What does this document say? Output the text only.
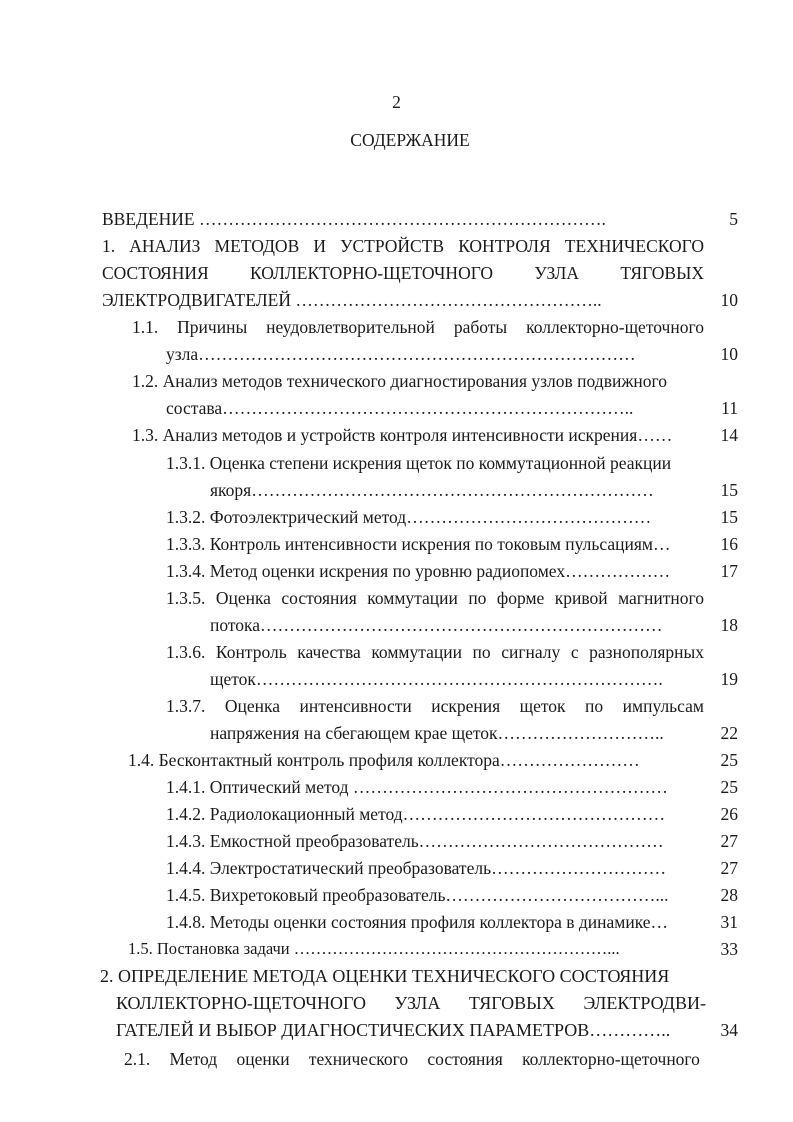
2
СОДЕРЖАНИЕ
ВВЕДЕНИЕ …………………………………………………………….	5
1. АНАЛИЗ МЕТОДОВ И УСТРОЙСТВ КОНТРОЛЯ ТЕХНИЧЕСКОГО
СОСТОЯНИЯ КОЛЛЕКТОРНО-ЩЕТОЧНОГО УЗЛА ТЯГОВЫХ
ЭЛЕКТРОДВИГАТЕЛЕЙ ……………………………………………..	10
1.1. Причины неудовлетворительной работы коллекторно-щеточного
узла…………………………………………………………………	10
1.2. Анализ методов технического диагностирования узлов подвижного
состава……………………………………………………………..	11
1.3. Анализ методов и устройств контроля интенсивности искрения……	14
1.3.1. Оценка степени искрения щеток по коммутационной реакции
якоря……………………………………………………………	15
1.3.2. Фотоэлектрический метод……………………………………	15
1.3.3. Контроль интенсивности искрения по токовым пульсациям…	16
1.3.4. Метод оценки искрения по уровню радиопомех………………	17
1.3.5. Оценка состояния коммутации по форме кривой магнитного
потока……………………………………………………………	18
1.3.6. Контроль качества коммутации по сигналу с разнополярных
щеток…………………………………………………………….	19
1.3.7. Оценка интенсивности искрения щеток по импульсам
напряжения на сбегающем крае щеток………………………..	22
1.4. Бесконтактный контроль профиля коллектора……………………	25
1.4.1. Оптический метод ………………………………………………	25
1.4.2. Радиолокационный метод………………………………………	26
1.4.3. Емкостной преобразователь……………………………………	27
1.4.4. Электростатический преобразователь…………………………	27
1.4.5. Вихретоковый преобразователь………………………………...	28
1.4.8. Методы оценки состояния профиля коллектора в динамике…	31
1.5. Постановка задачи …………………………………………………...	33
2. ОПРЕДЕЛЕНИЕ МЕТОДА ОЦЕНКИ ТЕХНИЧЕСКОГО СОСТОЯНИЯ
КОЛЛЕКТОРНО-ЩЕТОЧНОГО УЗЛА ТЯГОВЫХ ЭЛЕКТРОДВИ-
ГАТЕЛЕЙ И ВЫБОР ДИАГНОСТИЧЕСКИХ ПАРАМЕТРОВ…………..	34
2.1. Метод оценки технического состояния коллекторно-щеточного
